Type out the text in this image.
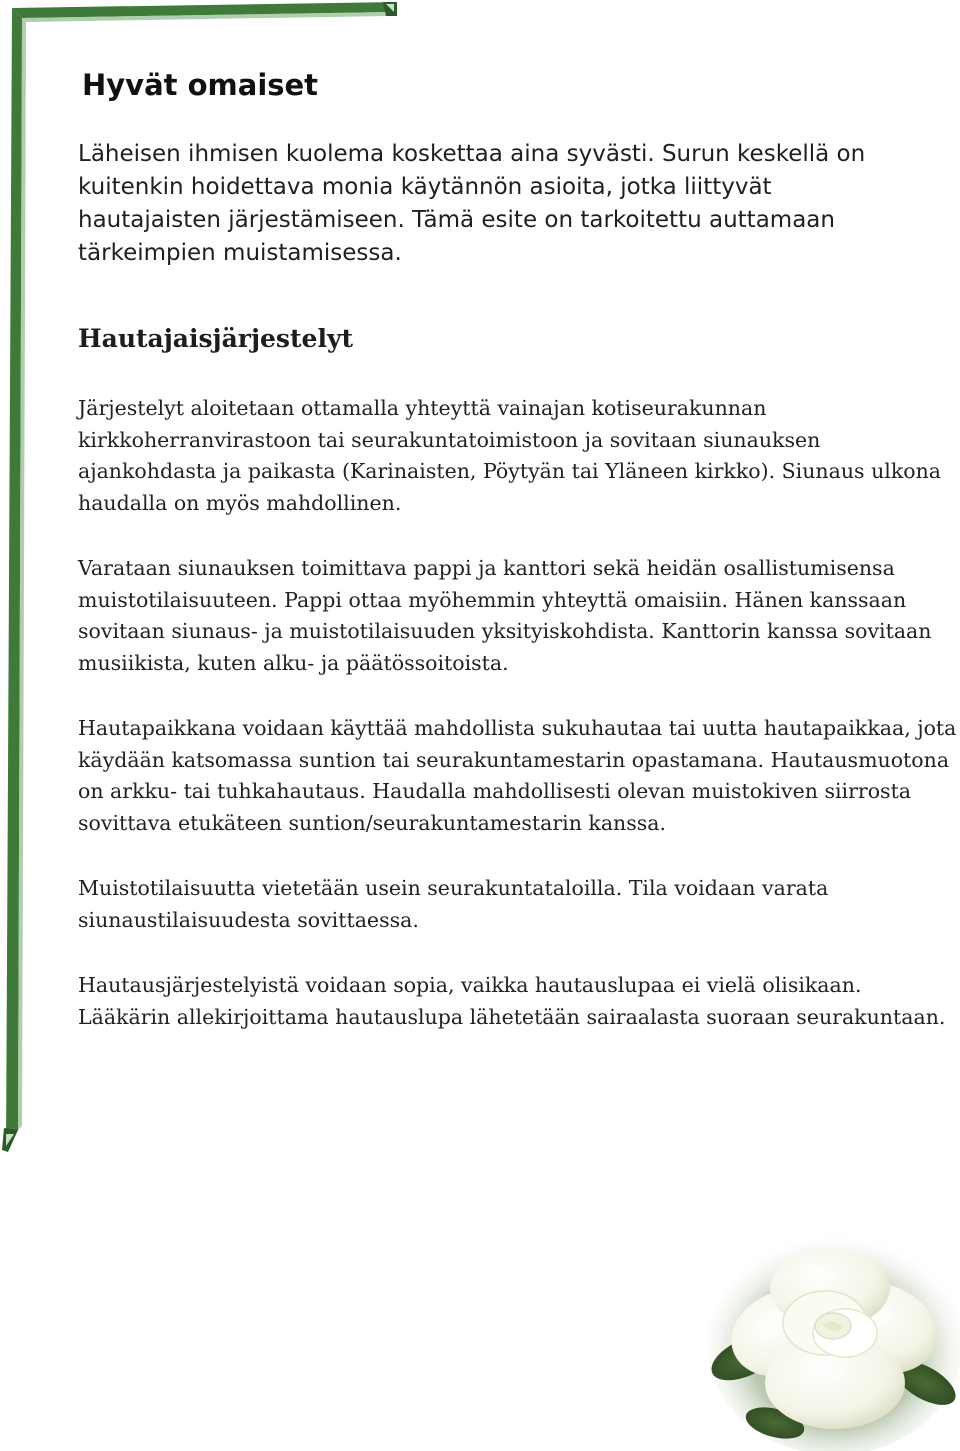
Hyvät omaiset

Läheisen ihmisen kuolema koskettaa aina syvästi. Surun keskellä on kuitenkin hoidettava monia käytännön asioita, jotka liittyvät hautajaisten järjestämiseen. Tämä esite on tarkoitettu auttamaan tärkeimpien muistamisessa.

Hautajaisjärjestelyt

Järjestelyt aloitetaan ottamalla yhteyttä vainajan kotiseurakunnan kirkkoherranvirastoon tai seurakuntatoimistoon ja sovitaan siunauksen ajankohdasta ja paikasta (Karinaisten, Pöytyän tai Yläneen kirkko). Siunaus ulkona haudalla on myös mahdollinen.

Varataan siunauksen toimittava pappi ja kanttori sekä heidän osallistumisensa muistotilaisuuteen. Pappi ottaa myöhemmin yhteyttä omaisiin. Hänen kanssaan sovitaan siunaus- ja muistotilaisuuden yksityiskohdista. Kanttorin kanssa sovitaan musiikista, kuten alku- ja päätössoitoista.

Hautapaikkana voidaan käyttää mahdollista sukuhautaa tai uutta hautapaikkaa, jota käydään katsomassa suntion tai seurakuntamestarin opastamana. Hautausmuotona on arkku- tai tuhkahautaus. Haudalla mahdollisesti olevan muistokiven siirrosta sovittava etukäteen suntion/seurakuntamestarin kanssa.

Muistotilaisuutta vietetään usein seurakuntataloilla. Tila voidaan varata siunaustilaisuudesta sovittaessa.

Hautausjärjestelyistä voidaan sopia, vaikka hautauslupaa ei vielä olisikaan. Lääkärin allekirjoittama hautauslupa lähetetään sairaalasta suoraan seurakuntaan.
